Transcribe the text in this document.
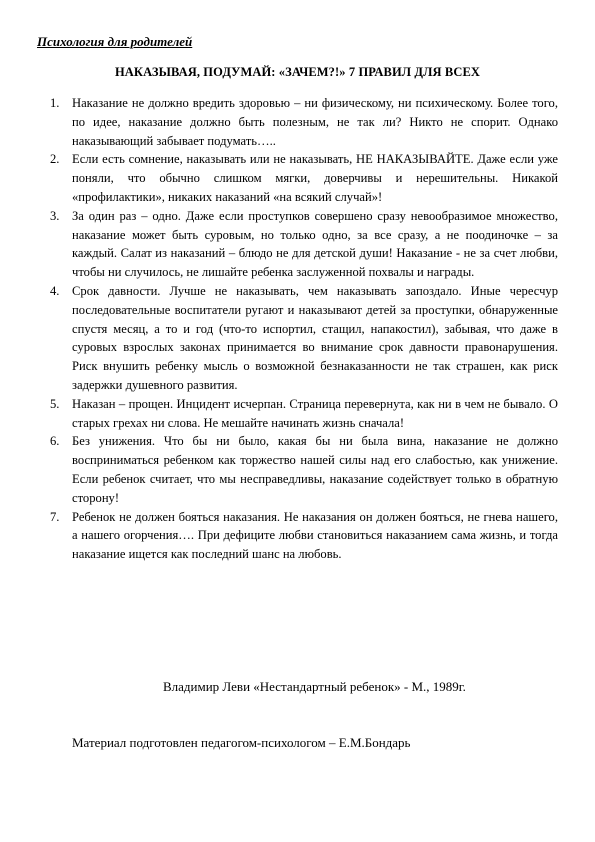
Психология для родителей
НАКАЗЫВАЯ, ПОДУМАЙ: «ЗАЧЕМ?!» 7 ПРАВИЛ ДЛЯ ВСЕХ
1. Наказание не должно вредить здоровью – ни физическому, ни психическому. Более того, по идее, наказание должно быть полезным, не так ли? Никто не спорит. Однако наказывающий забывает подумать…..
2. Если есть сомнение, наказывать или не наказывать, НЕ НАКАЗЫВАЙТЕ. Даже если уже поняли, что обычно слишком мягки, доверчивы и нерешительны. Никакой «профилактики», никаких наказаний «на всякий случай»!
3. За один раз – одно. Даже если проступков совершено сразу невообразимое множество, наказание может быть суровым, но только одно, за все сразу, а не поодиночке – за каждый. Салат из наказаний – блюдо не для детской души! Наказание - не за счет любви, чтобы ни случилось, не лишайте ребенка заслуженной похвалы и награды.
4. Срок давности. Лучше не наказывать, чем наказывать запоздало. Иные чересчур последовательные воспитатели ругают и наказывают детей за проступки, обнаруженные спустя месяц, а то и год (что-то испортил, стащил, напакостил), забывая, что даже в суровых взрослых законах принимается во внимание срок давности правонарушения. Риск внушить ребенку мысль о возможной безнаказанности не так страшен, как риск задержки душевного развития.
5. Наказан – прощен. Инцидент исчерпан. Страница перевернута, как ни в чем не бывало. О старых грехах ни слова. Не мешайте начинать жизнь сначала!
6. Без унижения. Что бы ни было, какая бы ни была вина, наказание не должно восприниматься ребенком как торжество нашей силы над его слабостью, как унижение. Если ребенок считает, что мы несправедливы, наказание содействует только в обратную сторону!
7. Ребенок не должен бояться наказания. Не наказания он должен бояться, не гнева нашего, а нашего огорчения…. При дефиците любви становиться наказанием сама жизнь, и тогда наказание ищется как последний шанс на любовь.
Владимир Леви «Нестандартный ребенок» - М., 1989г.
Материал подготовлен педагогом-психологом – Е.М.Бондарь
